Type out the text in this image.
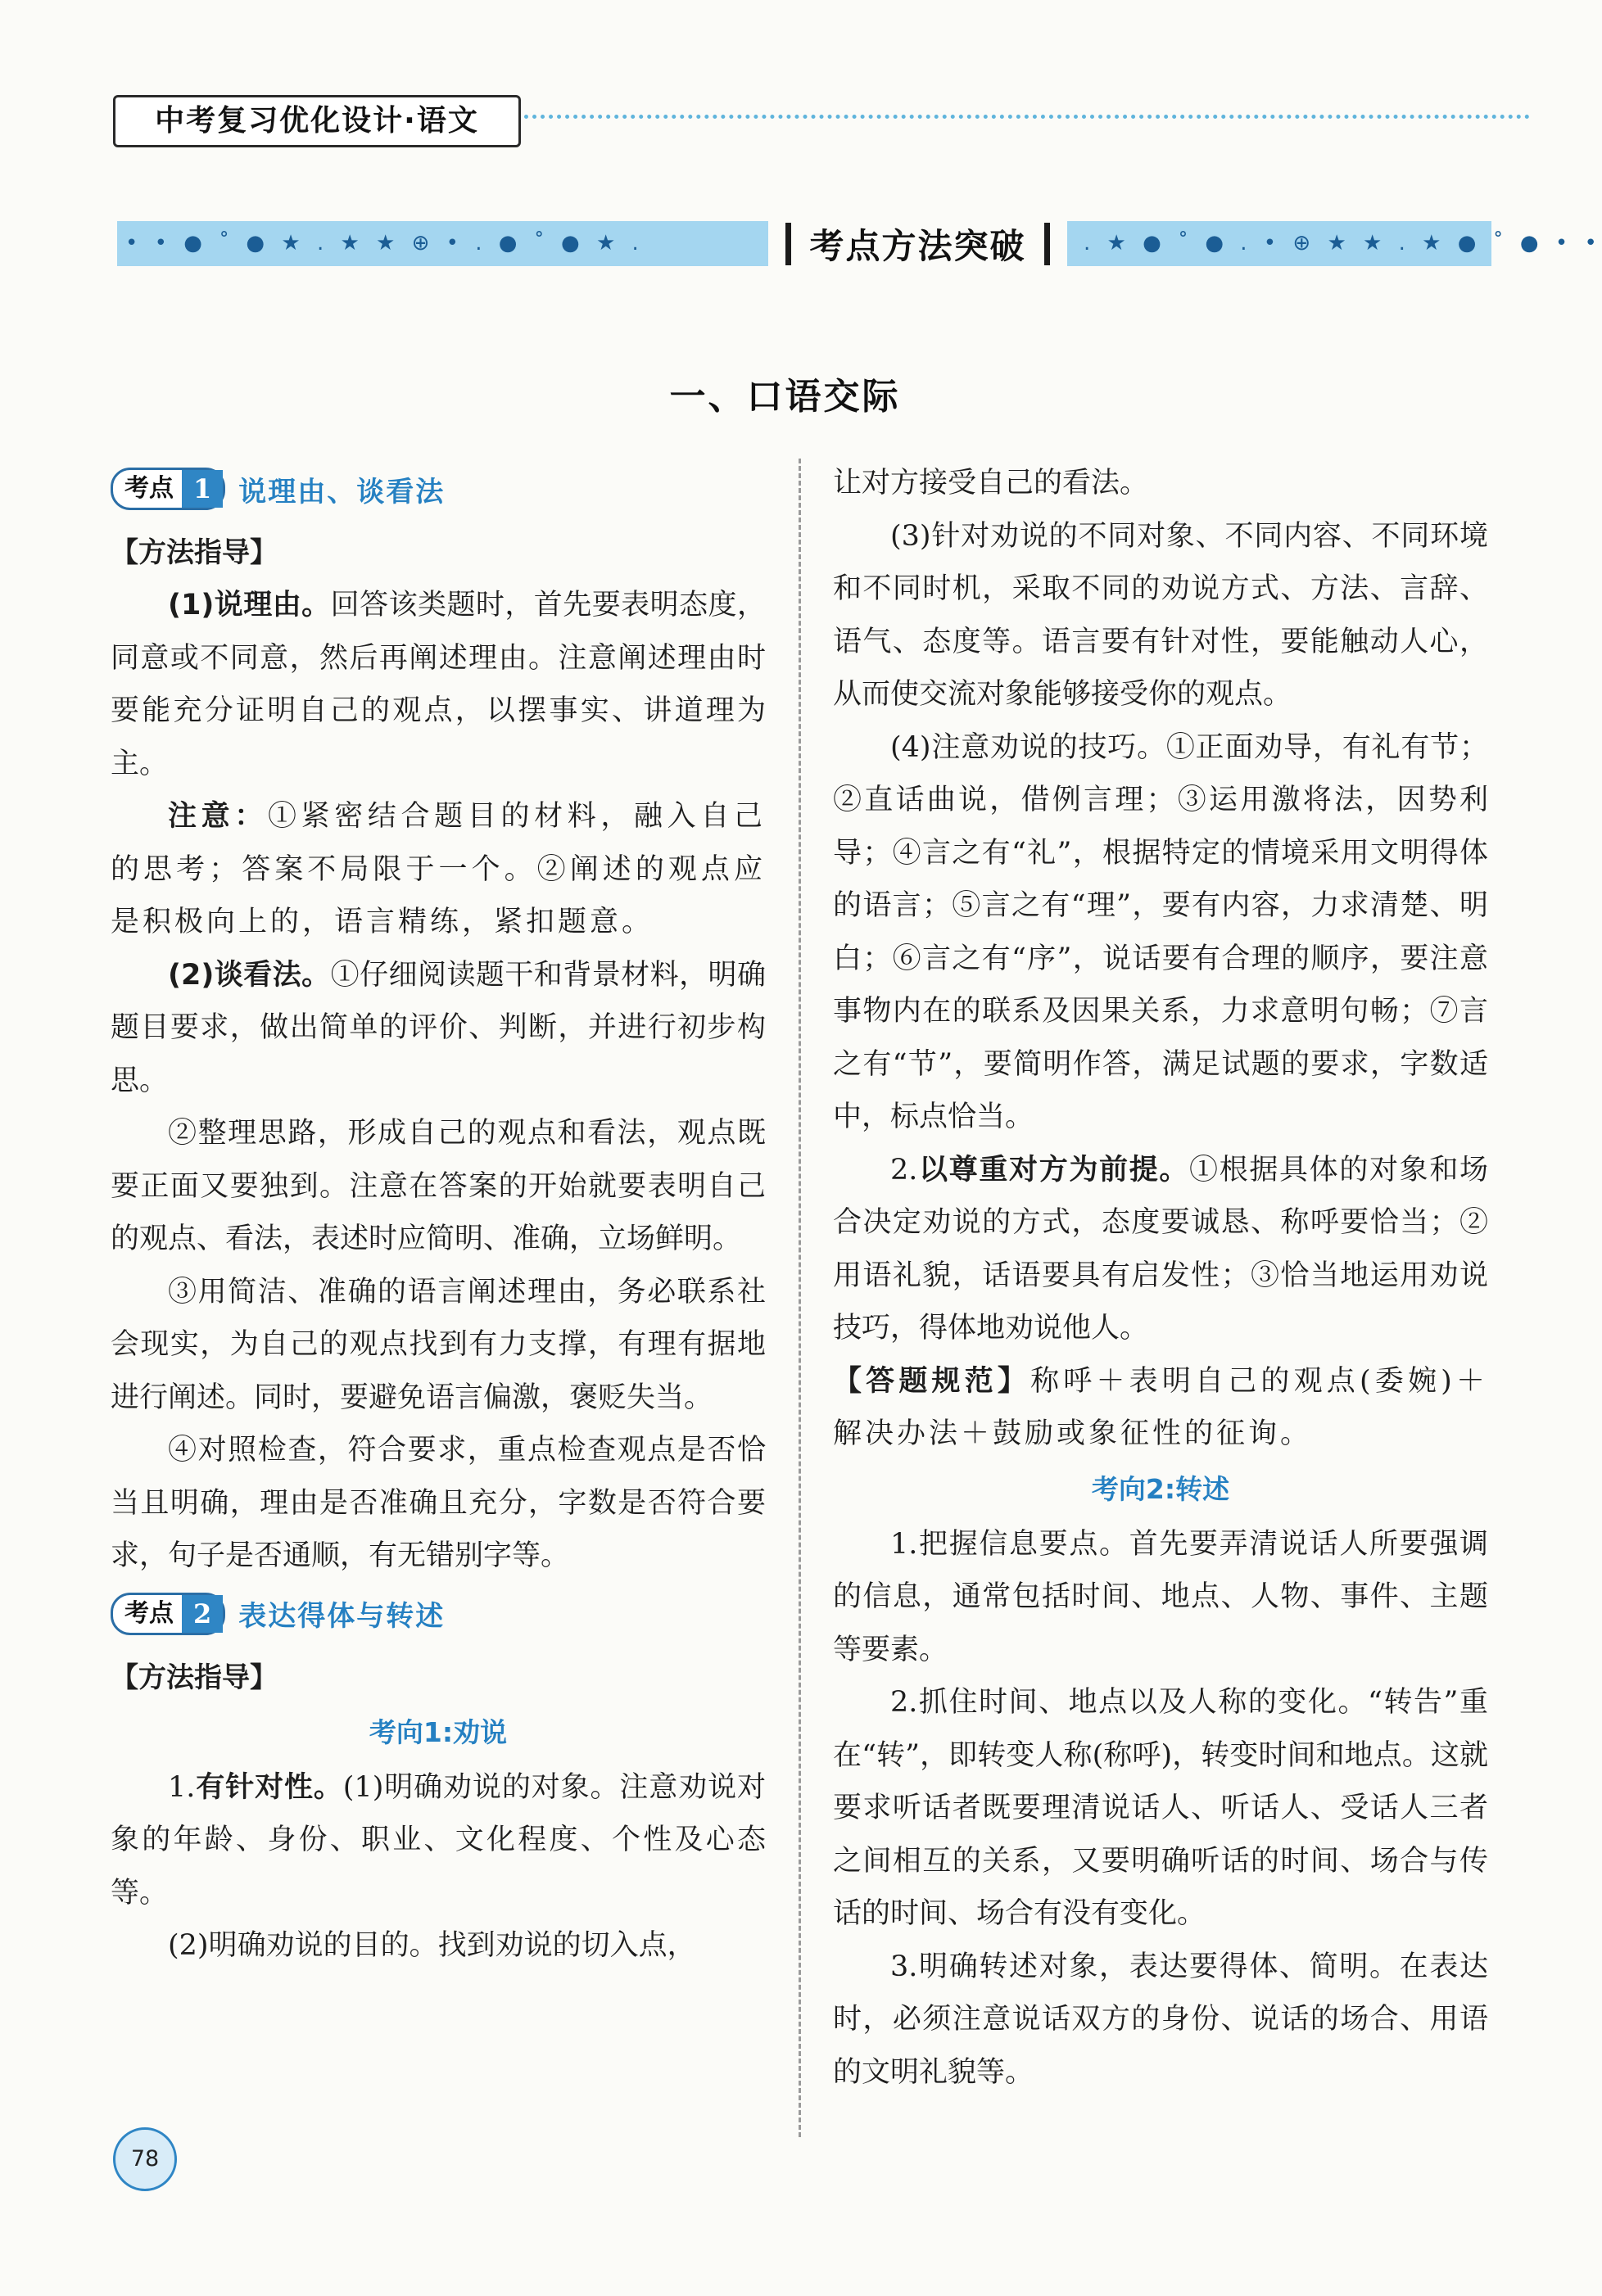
中考复习优化设计·语文
• • ● ˚ ● ★ . ★ ★ ⊕ • . ● ˚ ● ★ .	考点方法突破	. ★ ● ˚ ● . • ⊕ ★ ★ . ★ ● ˚ ● • •
一、口语交际
考点 1 说理由、谈看法

【方法指导】

(1)说理由。回答该类题时，首先要表明态度，同意或不同意，然后再阐述理由。注意阐述理由时要能充分证明自己的观点，以摆事实、讲道理为主。

注意：①紧密结合题目的材料，融入自己的思考；答案不局限于一个。②阐述的观点应是积极向上的，语言精练，紧扣题意。

(2)谈看法。①仔细阅读题干和背景材料，明确题目要求，做出简单的评价、判断，并进行初步构思。

②整理思路，形成自己的观点和看法，观点既要正面又要独到。注意在答案的开始就要表明自己的观点、看法，表述时应简明、准确，立场鲜明。

③用简洁、准确的语言阐述理由，务必联系社会现实，为自己的观点找到有力支撑，有理有据地进行阐述。同时，要避免语言偏激，褒贬失当。

④对照检查，符合要求，重点检查观点是否恰当且明确，理由是否准确且充分，字数是否符合要求，句子是否通顺，有无错别字等。

考点 2 表达得体与转述

【方法指导】

考向1:劝说

1.有针对性。(1)明确劝说的对象。注意劝说对象的年龄、身份、职业、文化程度、个性及心态等。

(2)明确劝说的目的。找到劝说的切入点，

让对方接受自己的看法。

(3)针对劝说的不同对象、不同内容、不同环境和不同时机，采取不同的劝说方式、方法、言辞、语气、态度等。语言要有针对性，要能触动人心，从而使交流对象能够接受你的观点。

(4)注意劝说的技巧。①正面劝导，有礼有节；②直话曲说，借例言理；③运用激将法，因势利导；④言之有“礼”，根据特定的情境采用文明得体的语言；⑤言之有“理”，要有内容，力求清楚、明白；⑥言之有“序”，说话要有合理的顺序，要注意事物内在的联系及因果关系，力求意明句畅；⑦言之有“节”，要简明作答，满足试题的要求，字数适中，标点恰当。

2.以尊重对方为前提。①根据具体的对象和场合决定劝说的方式，态度要诚恳、称呼要恰当；②用语礼貌，话语要具有启发性；③恰当地运用劝说技巧，得体地劝说他人。

【答题规范】称呼＋表明自己的观点(委婉)＋解决办法＋鼓励或象征性的征询。

考向2:转述

1.把握信息要点。首先要弄清说话人所要强调的信息，通常包括时间、地点、人物、事件、主题等要素。

2.抓住时间、地点以及人称的变化。“转告”重在“转”，即转变人称(称呼)，转变时间和地点。这就要求听话者既要理清说话人、听话人、受话人三者之间相互的关系，又要明确听话的时间、场合与传话的时间、场合有没有变化。

3.明确转述对象，表达要得体、简明。在表达时，必须注意说话双方的身份、说话的场合、用语的文明礼貌等。

78
